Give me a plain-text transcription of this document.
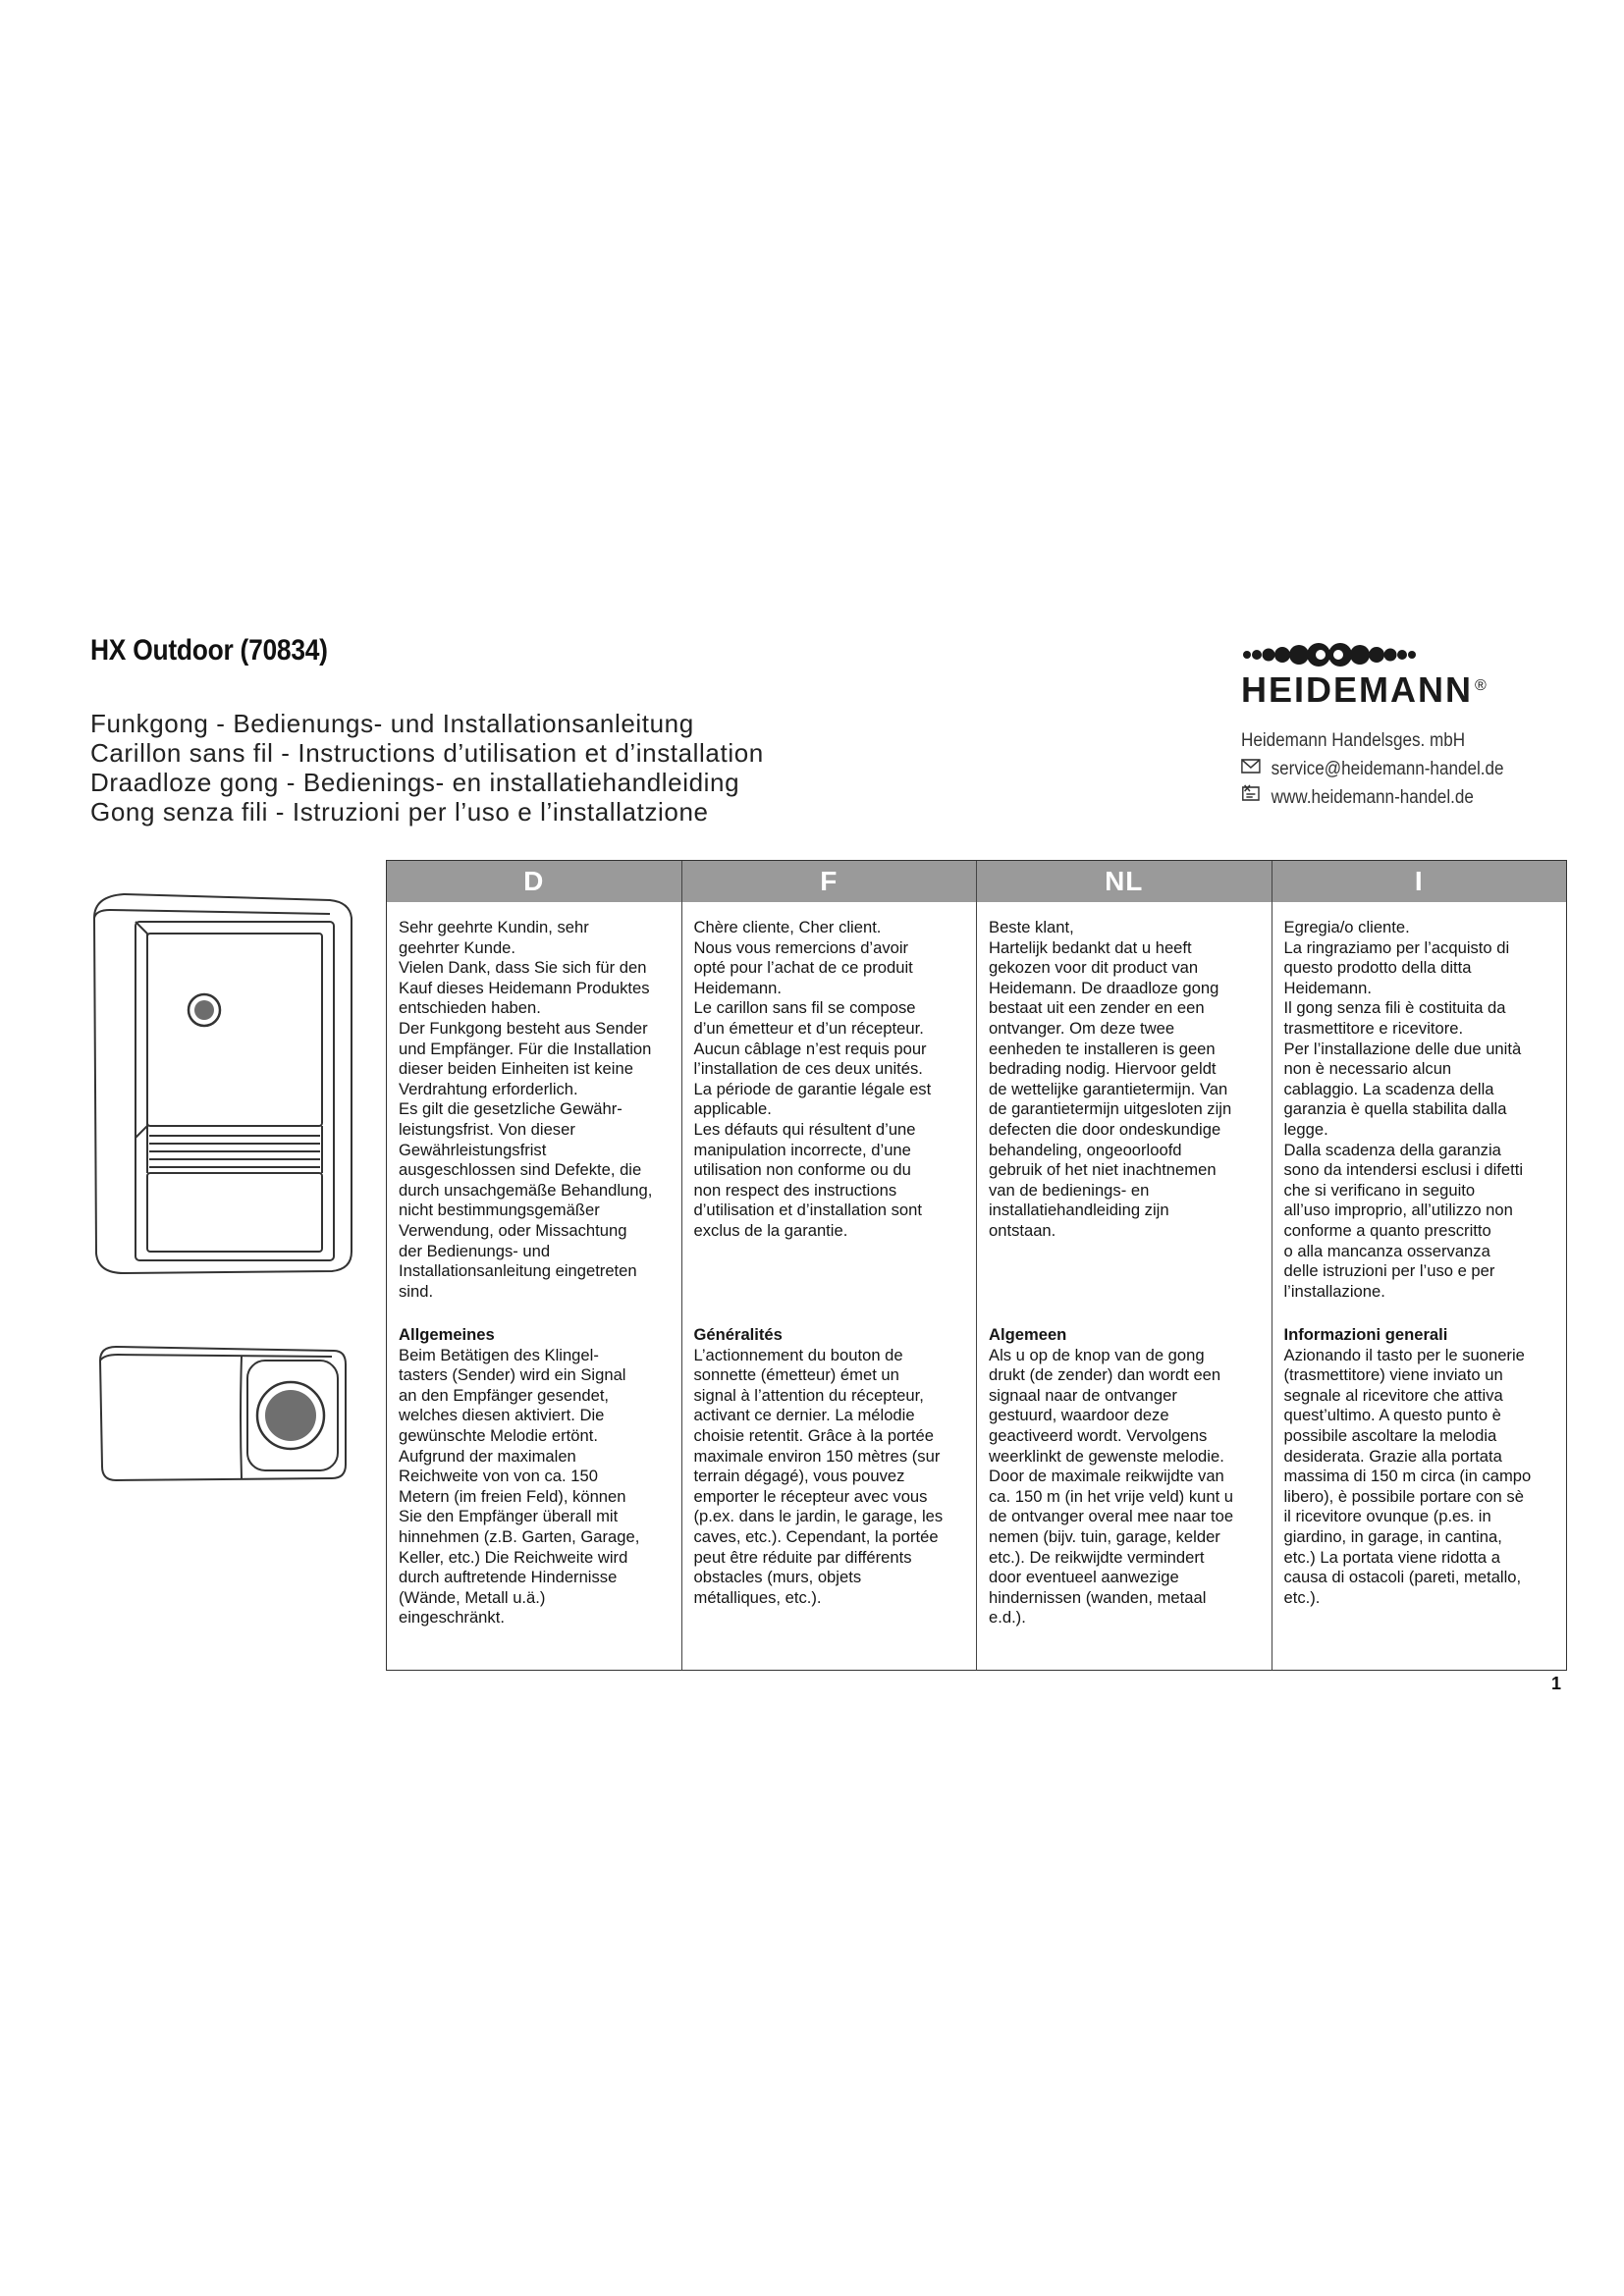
HX Outdoor (70834)
Funkgong - Bedienungs- und Installationsanleitung
Carillon sans fil - Instructions d’utilisation et d’installation
Draadloze gong - Bedienings- en installatiehandleiding
Gong senza fili - Istruzioni per l’uso e l’installatzione
HEIDEMANN ®
Heidemann Handelsges. mbH
service@heidemann-handel.de
www.heidemann-handel.de
D

Sehr geehrte Kundin, sehr
geehrter Kunde.
Vielen Dank, dass Sie sich für den
Kauf dieses Heidemann Produktes
entschieden haben.
Der Funkgong besteht aus Sender
und Empfänger. Für die Installation
dieser beiden Einheiten ist keine
Verdrahtung erforderlich.
Es gilt die gesetzliche Gewähr-
leistungsfrist. Von dieser
Gewährleistungsfrist
ausgeschlossen sind Defekte, die
durch unsachgemäße Behandlung,
nicht bestimmungsgemäßer
Verwendung, oder Missachtung
der Bedienungs- und
Installationsanleitung eingetreten
sind.

Allgemeines
Beim Betätigen des Klingel-
tasters (Sender) wird ein Signal
an den Empfänger gesendet,
welches diesen aktiviert. Die
gewünschte Melodie ertönt.
Aufgrund der maximalen
Reichweite von von ca. 150
Metern (im freien Feld), können
Sie den Empfänger überall mit
hinnehmen (z.B. Garten, Garage,
Keller, etc.) Die Reichweite wird
durch auftretende Hindernisse
(Wände, Metall u.ä.)
eingeschränkt.
F

Chère cliente, Cher client.
Nous vous remercions d’avoir
opté pour l’achat de ce produit
Heidemann.
Le carillon sans fil se compose
d’un émetteur et d’un récepteur.
Aucun câblage n’est requis pour
l’installation de ces deux unités.
La période de garantie légale est
applicable.
Les défauts qui résultent d’une
manipulation incorrecte, d’une
utilisation non conforme ou du
non respect des instructions
d’utilisation et d’installation sont
exclus de la garantie.

Généralités
L’actionnement du bouton de
sonnette (émetteur) émet un
signal à l’attention du récepteur,
activant ce dernier. La mélodie
choisie retentit. Grâce à la portée
maximale environ 150 mètres (sur
terrain dégagé), vous pouvez
emporter le récepteur avec vous
(p.ex. dans le jardin, le garage, les
caves, etc.). Cependant, la portée
peut être réduite par différents
obstacles (murs, objets
métalliques, etc.).
NL

Beste klant,
Hartelijk bedankt dat u heeft
gekozen voor dit product van
Heidemann. De draadloze gong
bestaat uit een zender en een
ontvanger. Om deze twee
eenheden te installeren is geen
bedrading nodig. Hiervoor geldt
de wettelijke garantietermijn. Van
de garantietermijn uitgesloten zijn
defecten die door ondeskundige
behandeling, ongeoorloofd
gebruik of het niet inachtnemen
van de bedienings- en
installatiehandleiding zijn
ontstaan.

Algemeen
Als u op de knop van de gong
drukt (de zender) dan wordt een
signaal naar de ontvanger
gestuurd, waardoor deze
geactiveerd wordt. Vervolgens
weerklinkt de gewenste melodie.
Door de maximale reikwijdte van
ca. 150 m (in het vrije veld) kunt u
de ontvanger overal mee naar toe
nemen (bijv. tuin, garage, kelder
etc.). De reikwijdte vermindert
door eventueel aanwezige
hindernissen (wanden, metaal
e.d.).
I

Egregia/o cliente.
La ringraziamo per l’acquisto di
questo prodotto della ditta
Heidemann.
Il gong senza fili è costituita da
trasmettitore e ricevitore.
Per l’installazione delle due unità
non è necessario alcun
cablaggio. La scadenza della
garanzia è quella stabilita dalla
legge.
Dalla scadenza della garanzia
sono da intendersi esclusi i difetti
che si verificano in seguito
all’uso improprio, all’utilizzo non
conforme a quanto prescritto
o alla mancanza osservanza
delle istruzioni per l’uso e per
l’installazione.

Informazioni generali
Azionando il tasto per le suonerie
(trasmettitore) viene inviato un
segnale al ricevitore che attiva
quest’ultimo. A questo punto è
possibile ascoltare la melodia
desiderata. Grazie alla portata
massima di 150 m circa (in campo
libero), è possibile portare con sè
il ricevitore ovunque (p.es. in
giardino, in garage, in cantina,
etc.) La portata viene ridotta a
causa di ostacoli (pareti, metallo,
etc.).
1
